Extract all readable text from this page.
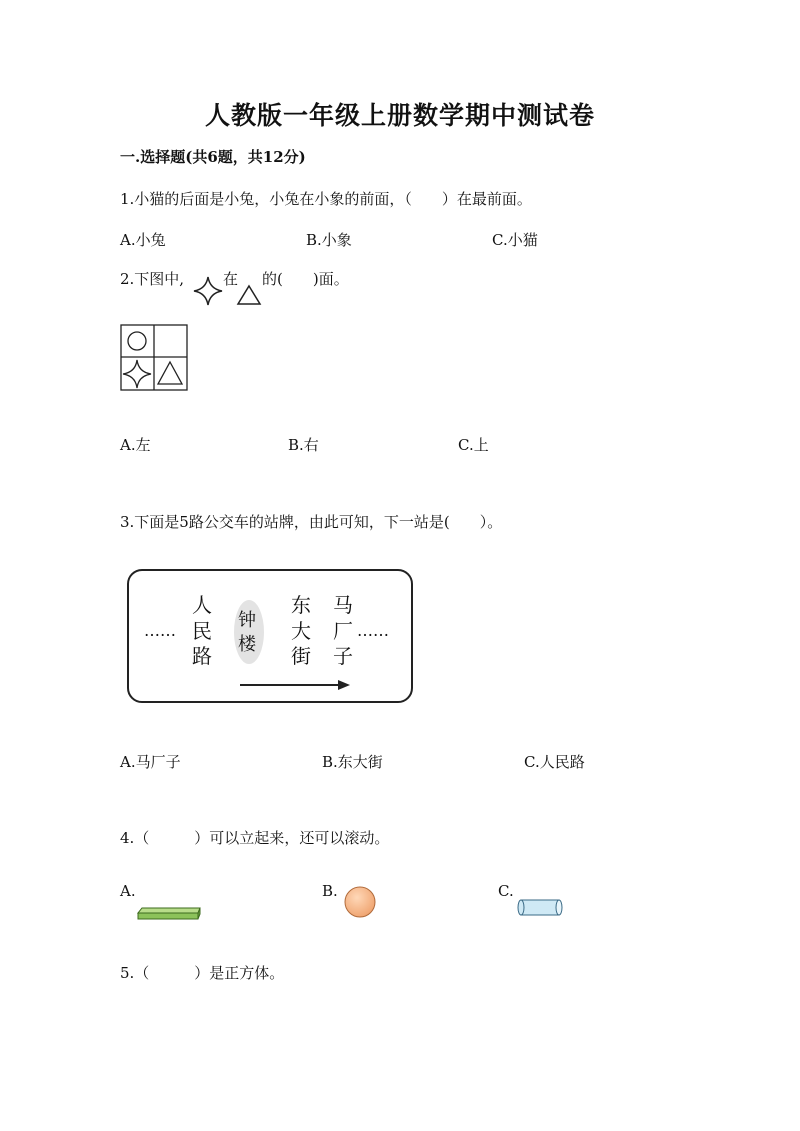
人教版一年级上册数学期中测试卷
一.选择题(共6题，共12分)
1.小猫的后面是小兔，小兔在小象的前面，（　　）在最前面。
A.小兔	B.小象	C.小猫
2.下图中,	在 的(　　)面。
A.左	B.右	C.上
3.下面是5路公交车的站牌，由此可知，下一站是(　　）。
……
人
民
路
钟
楼
东
大
街
马
厂
子
……
A.马厂子	B.东大街	C.人民路
4.（　　　）可以立起来，还可以滚动。
A.	B.	C.
5.（　　　）是正方体。
